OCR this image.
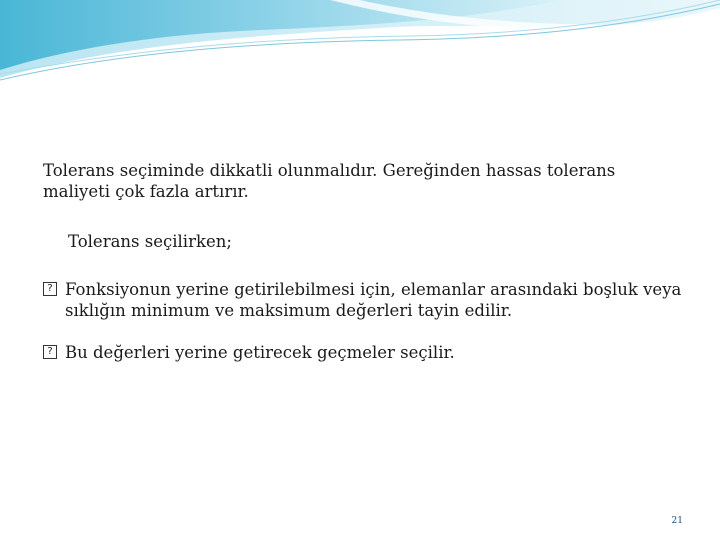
Tolerans seçiminde dikkatli olunmalıdır. Gereğinden hassas tolerans maliyeti çok fazla artırır.

Tolerans seçilirken;

? Fonksiyonun yerine getirilebilmesi için, elemanlar arasındaki boşluk veya sıklığın minimum ve maksimum değerleri tayin edilir.
? Bu değerleri yerine getirecek geçmeler seçilir.
21
